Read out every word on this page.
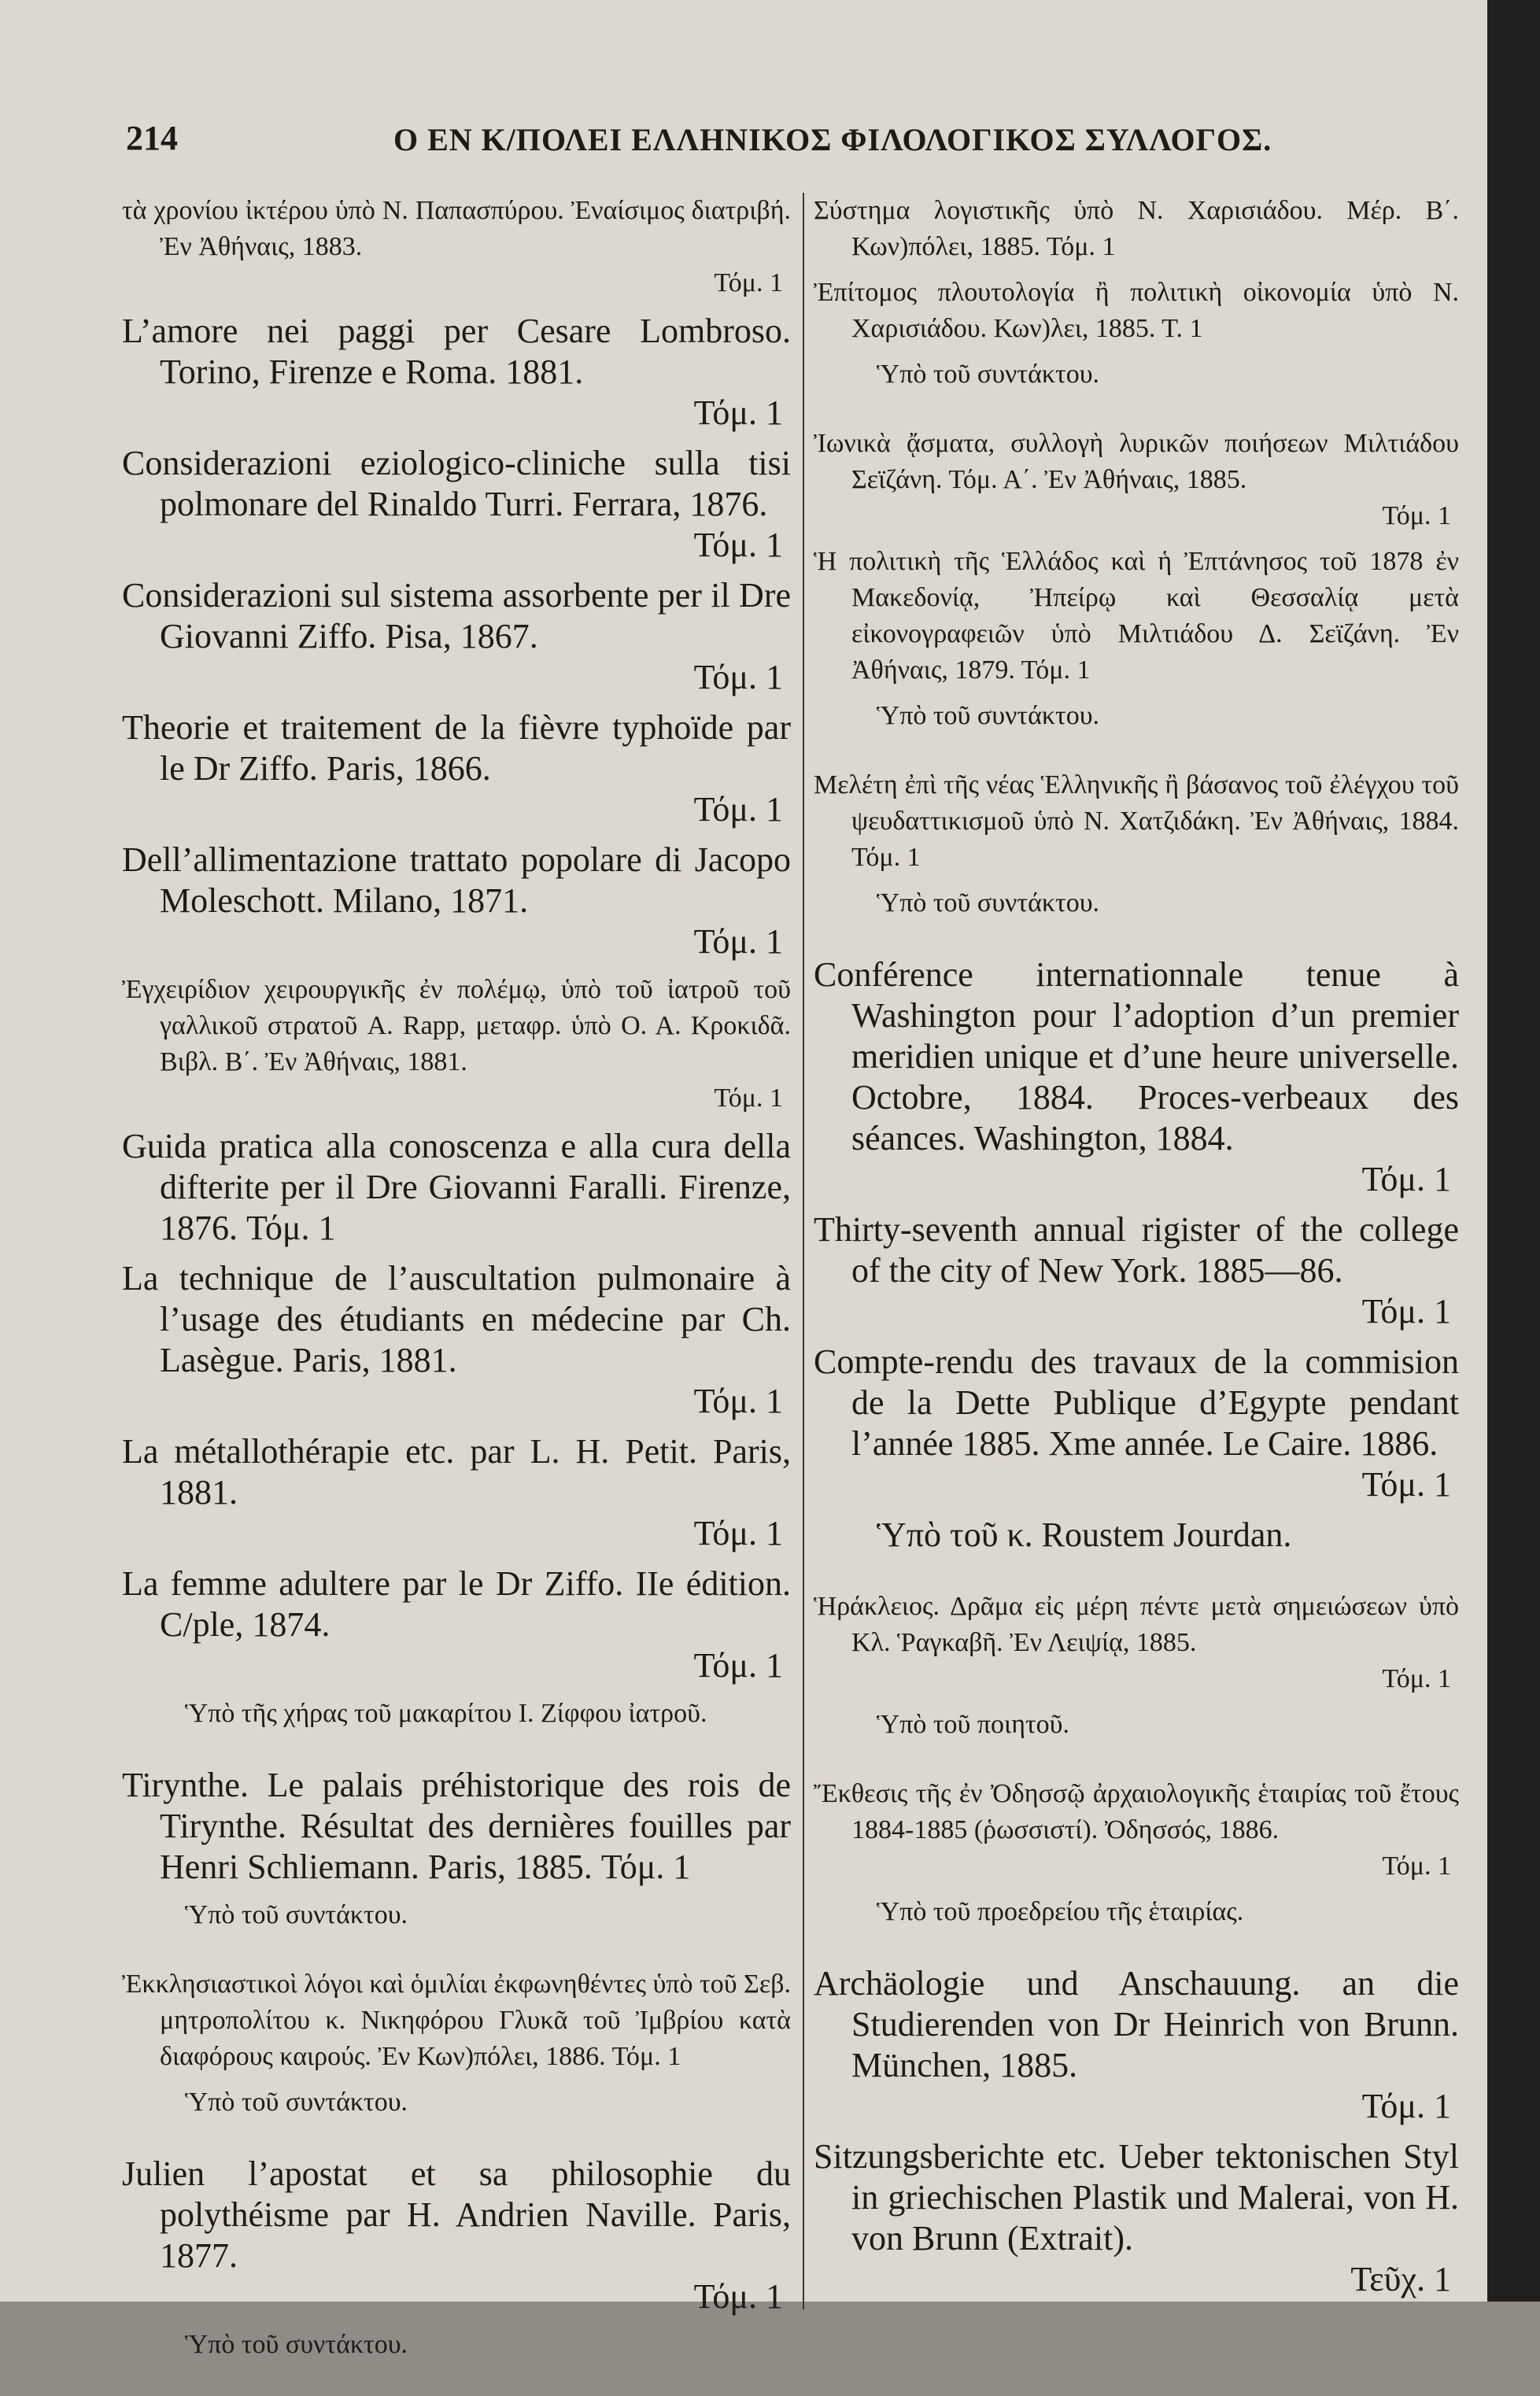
214	Ο ΕΝ Κ/ΠΟΛΕΙ ΕΛΛΗΝΙΚΟΣ ΦΙΛΟΛΟΓΙΚΟΣ ΣΥΛΛΟΓΟΣ.
τὰ χρονίου ἰκτέρου ὑπὸ Ν. Παπασπύρου. Ἐναίσιμος διατριβή. Ἐν Ἀθήναις, 1883.
Τόμ. 1
L’amore nei paggi per Cesare Lombroso. Torino, Firenze e Roma. 1881.
Τόμ. 1
Considerazioni eziologico-cliniche sulla tisi polmonare del Rinaldo Turri. Ferrara, 1876.
Τόμ. 1
Considerazioni sul sistema assorbente per il Dre Giovanni Ziffo. Pisa, 1867.
Τόμ. 1
Theorie et traitement de la fièvre typhoïde par le Dr Ziffo. Paris, 1866.
Τόμ. 1
Dell’allimentazione trattato popolare di Jacopo Moleschott. Milano, 1871.
Τόμ. 1
Ἐγχειρίδιον χειρουργικῆς ἐν πολέμῳ, ὑπὸ τοῦ ἰατροῦ τοῦ γαλλικοῦ στρατοῦ A. Rapp, μεταφρ. ὑπὸ Ο. Α. Κροκιδᾶ. Βιβλ. Β΄. Ἐν Ἀθήναις, 1881.
Τόμ. 1
Guida pratica alla conoscenza e alla cura della difterite per il Dre Giovanni Faralli. Firenze, 1876. Τόμ. 1
La technique de l’auscultation pulmonaire à l’usage des étudiants en médecine par Ch. Lasègue. Paris, 1881.
Τόμ. 1
La métallothérapie etc. par L. H. Petit. Paris, 1881.
Τόμ. 1
La femme adultere par le Dr Ziffo. IIe édition. C/ple, 1874.
Τόμ. 1
Ὑπὸ τῆς χήρας τοῦ μακαρίτου I. Ζίφφου ἰατροῦ.
Tirynthe. Le palais préhistorique des rois de Tirynthe. Résultat des dernières fouilles par Henri Schliemann. Paris, 1885. Τόμ. 1
Ὑπὸ τοῦ συντάκτου.
Ἐκκλησιαστικοὶ λόγοι καὶ ὁμιλίαι ἐκφωνηθέντες ὑπὸ τοῦ Σεβ. μητροπολίτου κ. Νικηφόρου Γλυκᾶ τοῦ Ἰμβρίου κατὰ διαφόρους καιρούς. Ἐν Κων)πόλει, 1886. Τόμ. 1
Ὑπὸ τοῦ συντάκτου.
Julien l’apostat et sa philosophie du polythéisme par H. Andrien Naville. Paris, 1877.
Τόμ. 1
Ὑπὸ τοῦ συντάκτου.
Σύστημα λογιστικῆς ὑπὸ Ν. Χαρισιάδου. Μέρ. Β΄. Κων)πόλει, 1885. Τόμ. 1
Ἐπίτομος πλουτολογία ἢ πολιτικὴ οἰκονομία ὑπὸ Ν. Χαρισιάδου. Κων)λει, 1885. Τ. 1
Ὑπὸ τοῦ συντάκτου.
Ἰωνικὰ ᾄσματα, συλλογὴ λυρικῶν ποιήσεων Μιλτιάδου Σεϊζάνη. Τόμ. Α΄. Ἐν Ἀθήναις, 1885.
Τόμ. 1
Ἡ πολιτικὴ τῆς Ἑλλάδος καὶ ἡ Ἐπτάνησος τοῦ 1878 ἐν Μακεδονίᾳ, Ἠπείρῳ καὶ Θεσσαλίᾳ μετὰ εἰκονογραφειῶν ὑπὸ Μιλτιάδου Δ. Σεϊζάνη. Ἐν Ἀθήναις, 1879. Τόμ. 1
Ὑπὸ τοῦ συντάκτου.
Μελέτη ἐπὶ τῆς νέας Ἑλληνικῆς ἢ βάσανος τοῦ ἐλέγχου τοῦ ψευδαττικισμοῦ ὑπὸ Ν. Χατζιδάκη. Ἐν Ἀθήναις, 1884. Τόμ. 1
Ὑπὸ τοῦ συντάκτου.
Conférence internationnale tenue à Washington pour l’adoption d’un premier meridien unique et d’une heure universelle. Octobre, 1884. Proces-verbeaux des séances. Washington, 1884.
Τόμ. 1
Thirty-seventh annual rigister of the college of the city of New York. 1885—86.
Τόμ. 1
Compte-rendu des travaux de la commision de la Dette Publique d’Egypte pendant l’année 1885. Xme année. Le Caire. 1886.
Τόμ. 1
Ὑπὸ τοῦ κ. Roustem Jourdan.
Ἡράκλειος. Δρᾶμα εἰς μέρη πέντε μετὰ σημειώσεων ὑπὸ Κλ. Ῥαγκαβῆ. Ἐν Λειψίᾳ, 1885.
Τόμ. 1
Ὑπὸ τοῦ ποιητοῦ.
Ἔκθεσις τῆς ἐν Ὀδησσῷ ἀρχαιολογικῆς ἑταιρίας τοῦ ἔτους 1884-1885 (ῥωσσιστί). Ὀδησσός, 1886.
Τόμ. 1
Ὑπὸ τοῦ προεδρείου τῆς ἑταιρίας.
Archäologie und Anschauung. an die Studierenden von Dr Heinrich von Brunn. München, 1885.
Τόμ. 1
Sitzungsberichte etc. Ueber tektonischen Styl in griechischen Plastik und Malerai, von H. von Brunn (Extrait).
Τεῦχ. 1
